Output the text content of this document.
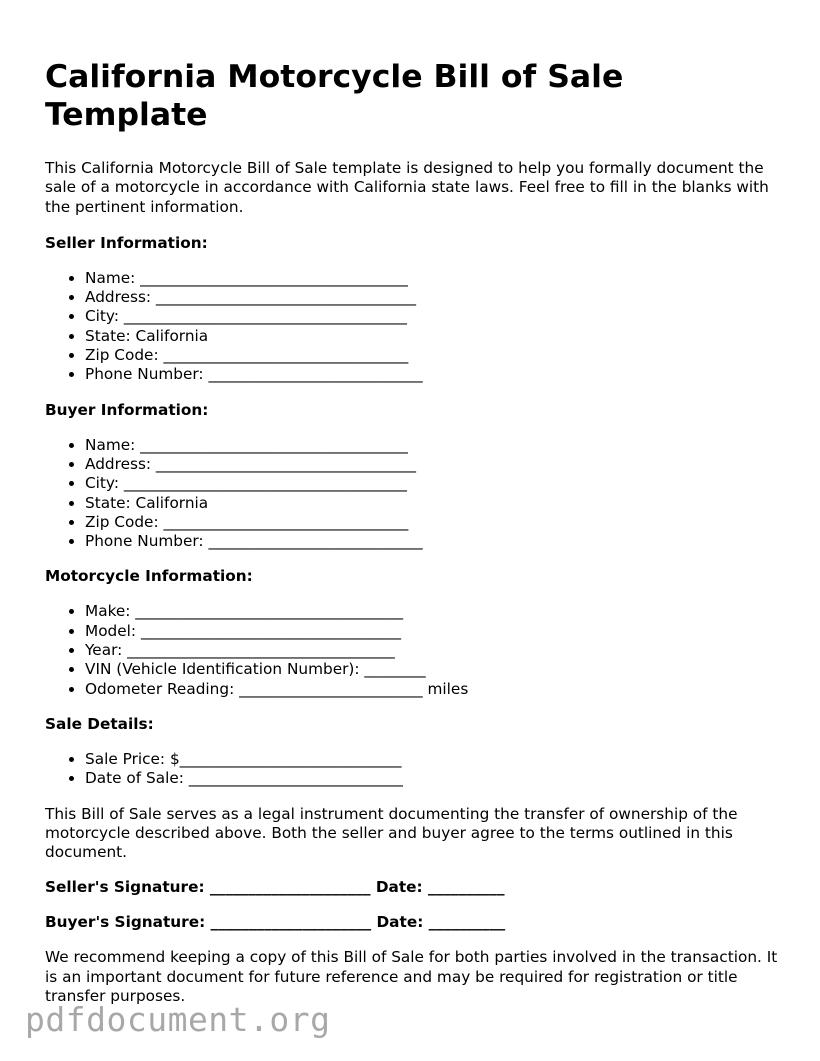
California Motorcycle Bill of Sale Template

This California Motorcycle Bill of Sale template is designed to help you formally document the sale of a motorcycle in accordance with California state laws. Feel free to fill in the blanks with the pertinent information.

Seller Information:
• Name: ___________________________________
• Address: __________________________________
• City: _____________________________________
• State: California
• Zip Code: ________________________________
• Phone Number: ____________________________
Buyer Information:
• Name: ___________________________________
• Address: __________________________________
• City: _____________________________________
• State: California
• Zip Code: ________________________________
• Phone Number: ____________________________
Motorcycle Information:
• Make: ___________________________________
• Model: __________________________________
• Year: ___________________________________
• VIN (Vehicle Identification Number): ________
• Odometer Reading: ________________________ miles
Sale Details:
• Sale Price: $_____________________________
• Date of Sale: ____________________________

This Bill of Sale serves as a legal instrument documenting the transfer of ownership of the motorcycle described above. Both the seller and buyer agree to the terms outlined in this document.

Seller's Signature: _____________________ Date: __________
Buyer's Signature: _____________________ Date: __________

We recommend keeping a copy of this Bill of Sale for both parties involved in the transaction. It is an important document for future reference and may be required for registration or title transfer purposes.

pdfdocument.org
